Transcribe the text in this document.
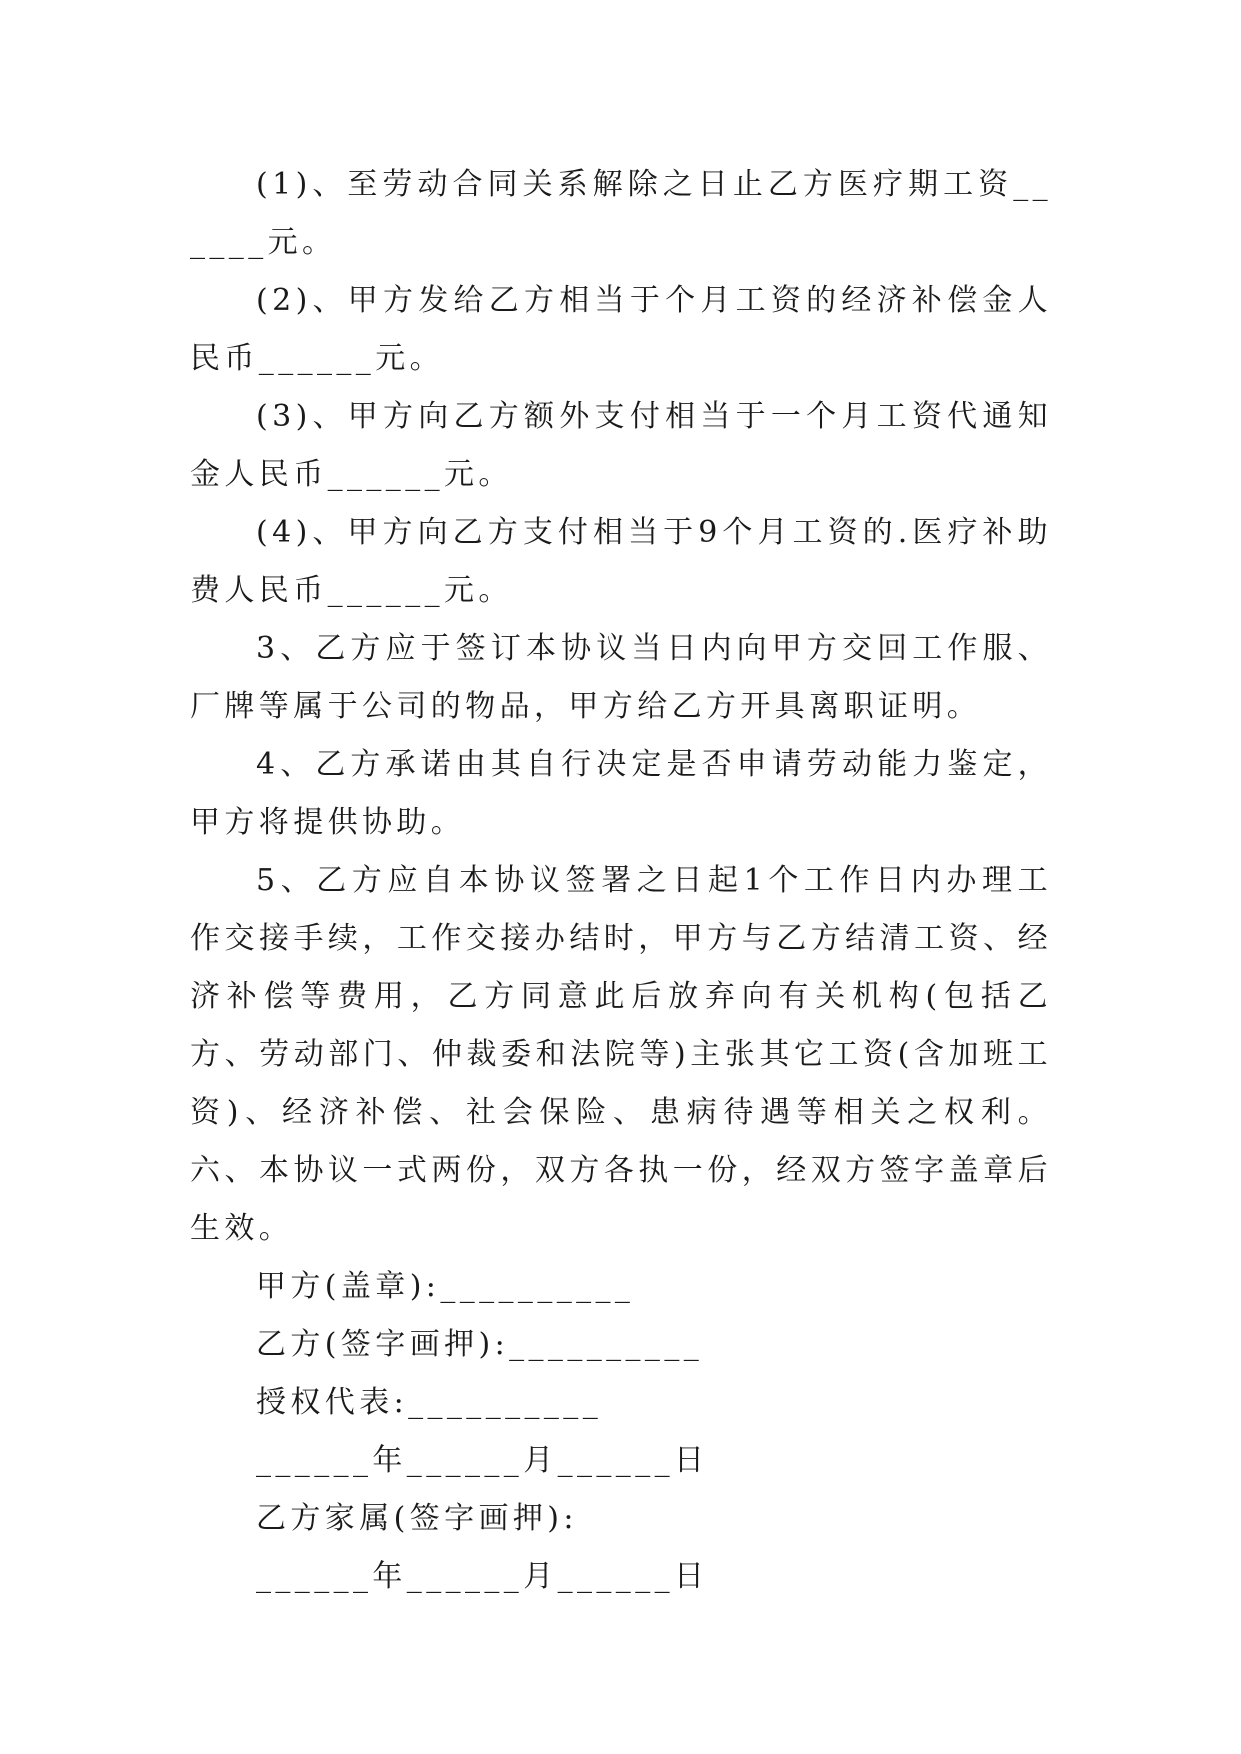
(1)、至劳动合同关系解除之日止乙方医疗期工资______元。

(2)、甲方发给乙方相当于个月工资的经济补偿金人民币______元。

(3)、甲方向乙方额外支付相当于一个月工资代通知金人民币______元。

(4)、甲方向乙方支付相当于9个月工资的.医疗补助费人民币______元。

3、乙方应于签订本协议当日内向甲方交回工作服、厂牌等属于公司的物品，甲方给乙方开具离职证明。

4、乙方承诺由其自行决定是否申请劳动能力鉴定，甲方将提供协助。

5、乙方应自本协议签署之日起1个工作日内办理工作交接手续，工作交接办结时，甲方与乙方结清工资、经济补偿等费用，乙方同意此后放弃向有关机构(包括乙方、劳动部门、仲裁委和法院等)主张其它工资(含加班工资)、经济补偿、社会保险、患病待遇等相关之权利。六、本协议一式两份，双方各执一份，经双方签字盖章后生效。

甲方(盖章):__________

乙方(签字画押):__________

授权代表:__________

______年______月______日

乙方家属(签字画押):

______年______月______日
